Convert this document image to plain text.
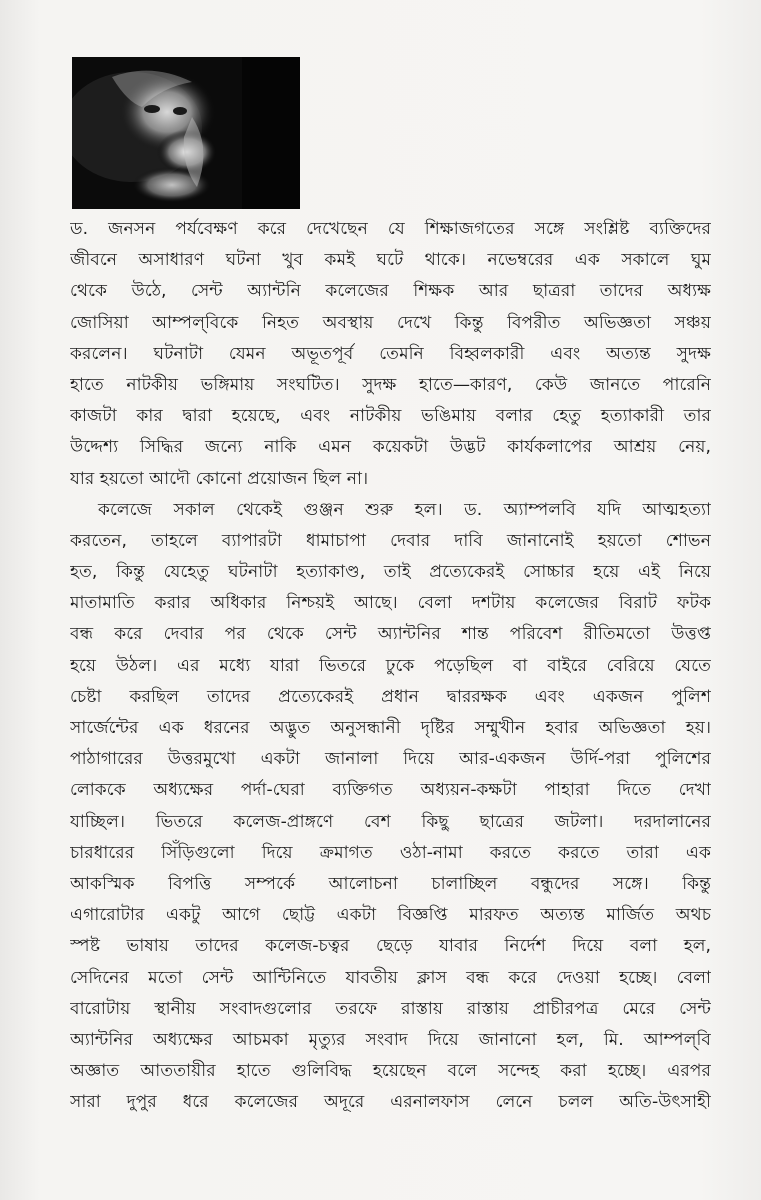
ড. জনসন পর্যবেক্ষণ করে দেখেছেন যে শিক্ষাজগতের সঙ্গে সংশ্লিষ্ট ব্যক্তিদের
জীবনে অসাধারণ ঘটনা খুব কমই ঘটে থাকে। নভেম্বরের এক সকালে ঘুম
থেকে উঠে, সেন্ট অ্যান্টনি কলেজের শিক্ষক আর ছাত্ররা তাদের অধ্যক্ষ
জোসিয়া আম্পল্‌বিকে নিহত অবস্থায় দেখে কিন্তু বিপরীত অভিজ্ঞতা সঞ্চয়
করলেন। ঘটনাটা যেমন অভূতপূর্ব তেমনি বিহ্বলকারী এবং অত্যন্ত সুদক্ষ
হাতে নাটকীয় ভঙ্গিমায় সংঘটিত। সুদক্ষ হাতে—কারণ, কেউ জানতে পারেনি
কাজটা কার দ্বারা হয়েছে, এবং নাটকীয় ভঙিমায় বলার হেতু হত্যাকারী তার
উদ্দেশ্য সিদ্ধির জন্যে নাকি এমন কয়েকটা উদ্ভট কার্যকলাপের আশ্রয় নেয়,
যার হয়তো আদৌ কোনো প্রয়োজন ছিল না।
কলেজে সকাল থেকেই গুঞ্জন শুরু হল। ড. অ্যাম্পলবি যদি আত্মহত্যা
করতেন, তাহলে ব্যাপারটা ধামাচাপা দেবার দাবি জানানোই হয়তো শোভন
হত, কিন্তু যেহেতু ঘটনাটা হত্যাকাণ্ড, তাই প্রত্যেকেরই সোচ্চার হয়ে এই নিয়ে
মাতামাতি করার অধিকার নিশ্চয়ই আছে। বেলা দশটায় কলেজের বিরাট ফটক
বন্ধ করে দেবার পর থেকে সেন্ট অ্যান্টনির শান্ত পরিবেশ রীতিমতো উত্তপ্ত
হয়ে উঠল। এর মধ্যে যারা ভিতরে ঢুকে পড়েছিল বা বাইরে বেরিয়ে যেতে
চেষ্টা করছিল তাদের প্রত্যেকেরই প্রধান দ্বাররক্ষক এবং একজন পুলিশ
সার্জেন্টের এক ধরনের অদ্ভুত অনুসন্ধানী দৃষ্টির সম্মুখীন হবার অভিজ্ঞতা হয়।
পাঠাগারের উত্তরমুখো একটা জানালা দিয়ে আর-একজন উর্দি-পরা পুলিশের
লোককে অধ্যক্ষের পর্দা-ঘেরা ব্যক্তিগত অধ্যয়ন-কক্ষটা পাহারা দিতে দেখা
যাচ্ছিল। ভিতরে কলেজ-প্রাঙ্গণে বেশ কিছু ছাত্রের জটলা। দরদালানের
চারধারের সিঁড়িগুলো দিয়ে ক্রমাগত ওঠা-নামা করতে করতে তারা এক
আকস্মিক বিপত্তি সম্পর্কে আলোচনা চালাচ্ছিল বন্ধুদের সঙ্গে। কিন্তু
এগারোটার একটু আগে ছোট্ট একটা বিজ্ঞপ্তি মারফত অত্যন্ত মার্জিত অথচ
স্পষ্ট ভাষায় তাদের কলেজ-চত্বর ছেড়ে যাবার নির্দেশ দিয়ে বলা হল,
সেদিনের মতো সেন্ট আন্টিনিতে যাবতীয় ক্লাস বন্ধ করে দেওয়া হচ্ছে। বেলা
বারোটায় স্থানীয় সংবাদগুলোর তরফে রাস্তায় রাস্তায় প্রাচীরপত্র মেরে সেন্ট
অ্যান্টনির অধ্যক্ষের আচমকা মৃত্যুর সংবাদ দিয়ে জানানো হল, মি. আম্পল্‌বি
অজ্ঞাত আততায়ীর হাতে গুলিবিদ্ধ হয়েছেন বলে সন্দেহ করা হচ্ছে। এরপর
সারা দুপুর ধরে কলেজের অদূরে এরনালফাস লেনে চলল অতি-উৎসাহী
